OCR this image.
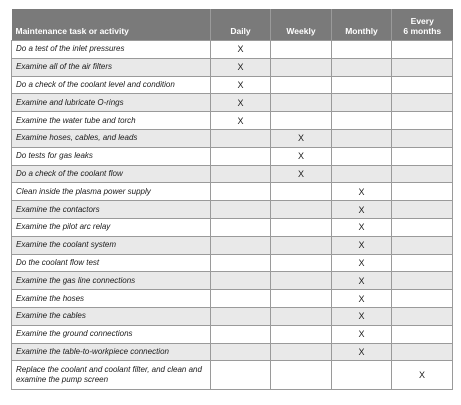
Maintenance task or activity	Daily	Weekly	Monthly	Every
6 months
Do a test of the inlet pressures	X			
Examine all of the air filters	X			
Do a check of the coolant level and condition	X			
Examine and lubricate O-rings	X			
Examine the water tube and torch	X			
Examine hoses, cables, and leads		X		
Do tests for gas leaks		X		
Do a check of the coolant flow		X		
Clean inside the plasma power supply			X	
Examine the contactors			X	
Examine the pilot arc relay			X	
Examine the coolant system			X	
Do the coolant flow test			X	
Examine the gas line connections			X	
Examine the hoses			X	
Examine the cables			X	
Examine the ground connections			X	
Examine the table-to-workpiece connection			X	
Replace the coolant and coolant filter, and clean and examine the pump screen				X
